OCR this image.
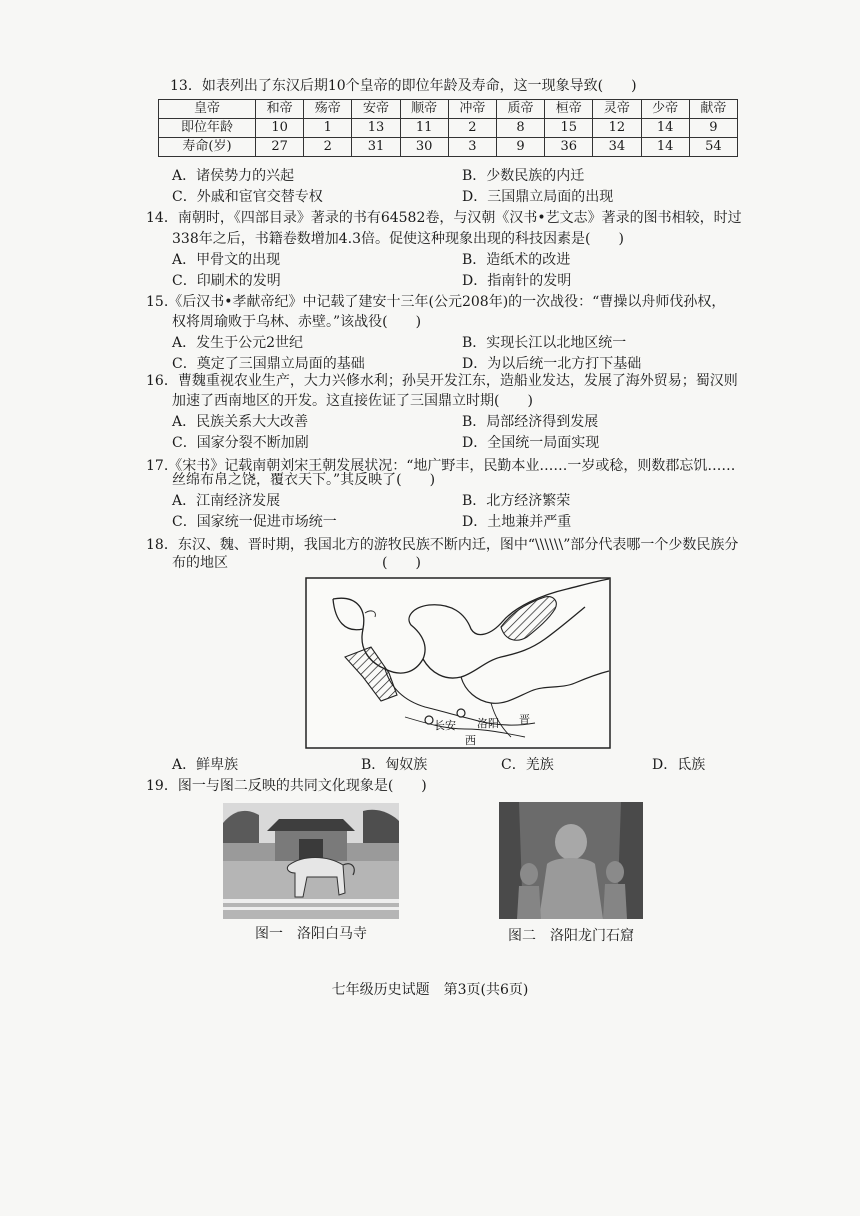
13．如表列出了东汉后期10个皇帝的即位年龄及寿命，这一现象导致(　　)
皇帝	和帝	殇帝	安帝	顺帝	冲帝	质帝	桓帝	灵帝	少帝	献帝
即位年龄	10	1	13	11	2	8	15	12	14	9
寿命(岁)	27	2	31	30	3	9	36	34	14	54
A．诸侯势力的兴起	B．少数民族的内迁
C．外戚和宦官交替专权	D．三国鼎立局面的出现
14．南朝时，《四部目录》著录的书有64582卷，与汉朝《汉书•艺文志》著录的图书相较，时过
338年之后，书籍卷数增加4.3倍。促使这种现象出现的科技因素是(　　)
A．甲骨文的出现	B．造纸术的改进
C．印刷术的发明	D．指南针的发明
15.《后汉书•孝献帝纪》中记载了建安十三年(公元208年)的一次战役：“曹操以舟师伐孙权，
权将周瑜败于乌林、赤壁。”该战役(　　)
A．发生于公元2世纪	B．实现长江以北地区统一
C．奠定了三国鼎立局面的基础	D．为以后统一北方打下基础
16．曹魏重视农业生产，大力兴修水利；孙吴开发江东，造船业发达，发展了海外贸易；蜀汉则
加速了西南地区的开发。这直接佐证了三国鼎立时期(　　)
A．民族关系大大改善	B．局部经济得到发展
C．国家分裂不断加剧	D．全国统一局面实现
17.《宋书》记载南朝刘宋王朝发展状况：“地广野丰，民勤本业……一岁或稔，则数郡忘饥……
丝绵布帛之饶，覆衣天下。”其反映了(　　)
A．江南经济发展	B．北方经济繁荣
C．国家统一促进市场统一	D．土地兼并严重
18．东汉、魏、晋时期，我国北方的游牧民族不断内迁，图中“\\\\\\”部分代表哪一个少数民族分
布的地区	(　　)
长安 洛阳 晋
西
A．鲜卑族	B．匈奴族	C．羌族	D．氐族
19．图一与图二反映的共同文化现象是(　　)
图一　洛阳白马寺	图二　洛阳龙门石窟
七年级历史试题　第3页(共6页)
